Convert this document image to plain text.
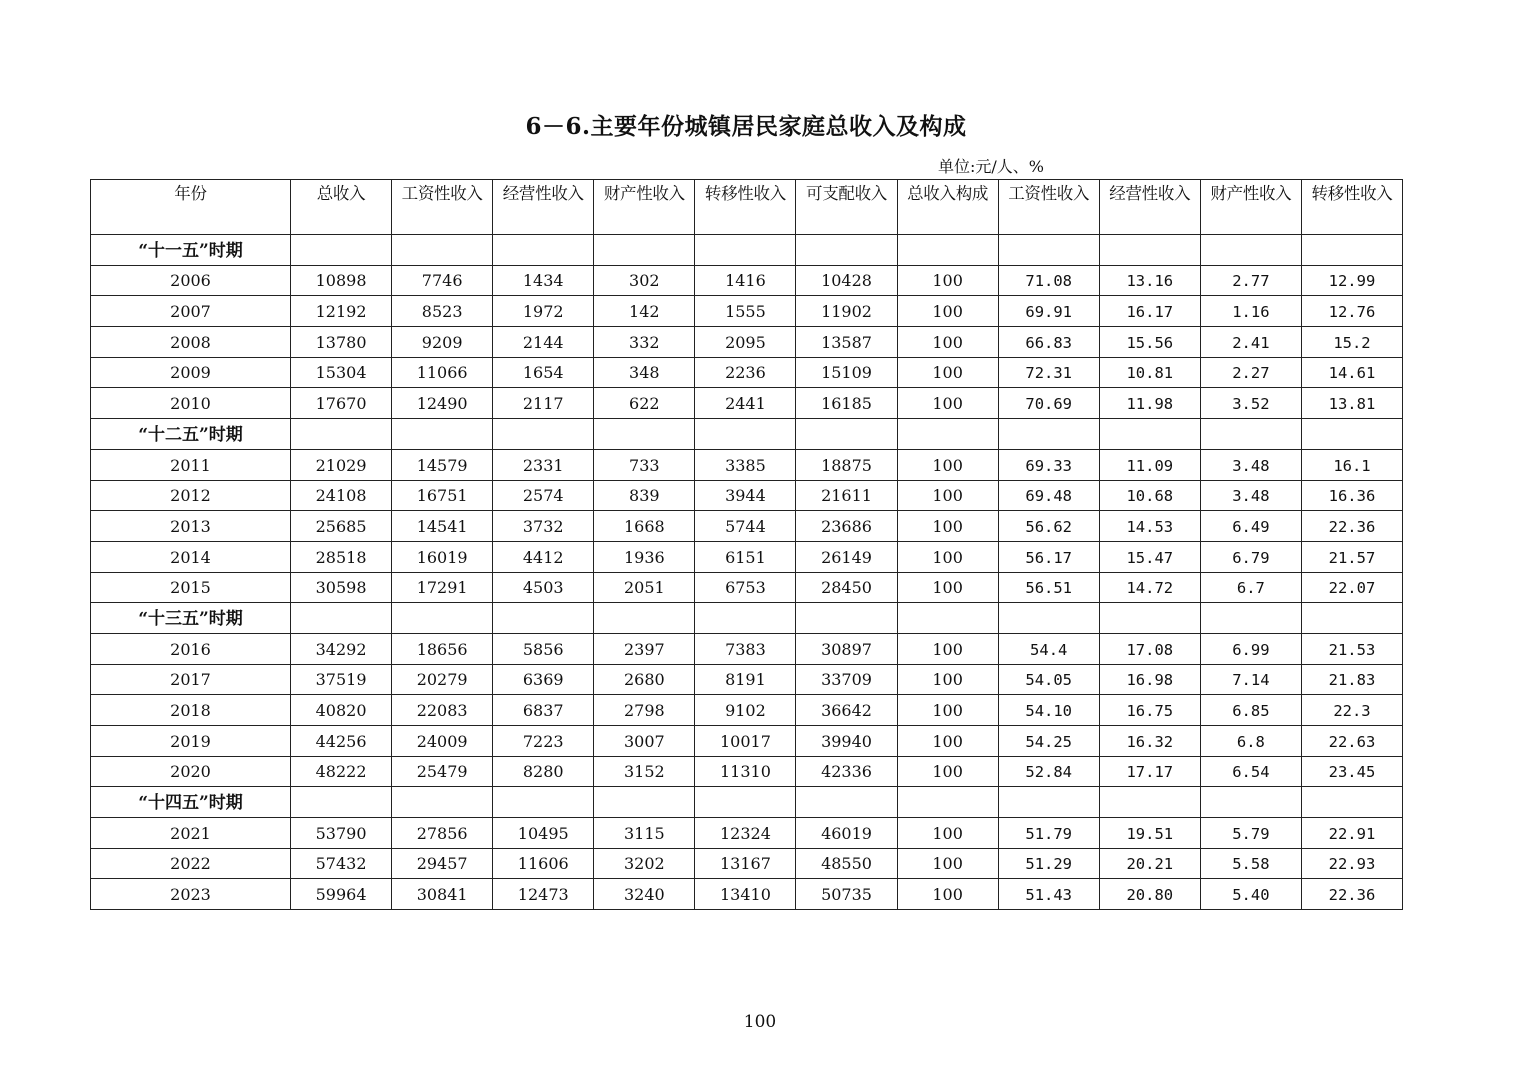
6－6.主要年份城镇居民家庭总收入及构成
单位:元/人、%
年份	总收入	工资性收入	经营性收入	财产性收入	转移性收入	可支配收入	总收入构成	工资性收入	经营性收入	财产性收入	转移性收入
“十一五”时期											
2006	10898	7746	1434	302	1416	10428	100	71.08	13.16	2.77	12.99
2007	12192	8523	1972	142	1555	11902	100	69.91	16.17	1.16	12.76
2008	13780	9209	2144	332	2095	13587	100	66.83	15.56	2.41	15.2
2009	15304	11066	1654	348	2236	15109	100	72.31	10.81	2.27	14.61
2010	17670	12490	2117	622	2441	16185	100	70.69	11.98	3.52	13.81
“十二五”时期											
2011	21029	14579	2331	733	3385	18875	100	69.33	11.09	3.48	16.1
2012	24108	16751	2574	839	3944	21611	100	69.48	10.68	3.48	16.36
2013	25685	14541	3732	1668	5744	23686	100	56.62	14.53	6.49	22.36
2014	28518	16019	4412	1936	6151	26149	100	56.17	15.47	6.79	21.57
2015	30598	17291	4503	2051	6753	28450	100	56.51	14.72	6.7	22.07
“十三五”时期											
2016	34292	18656	5856	2397	7383	30897	100	54.4	17.08	6.99	21.53
2017	37519	20279	6369	2680	8191	33709	100	54.05	16.98	7.14	21.83
2018	40820	22083	6837	2798	9102	36642	100	54.10	16.75	6.85	22.3
2019	44256	24009	7223	3007	10017	39940	100	54.25	16.32	6.8	22.63
2020	48222	25479	8280	3152	11310	42336	100	52.84	17.17	6.54	23.45
“十四五”时期											
2021	53790	27856	10495	3115	12324	46019	100	51.79	19.51	5.79	22.91
2022	57432	29457	11606	3202	13167	48550	100	51.29	20.21	5.58	22.93
2023	59964	30841	12473	3240	13410	50735	100	51.43	20.80	5.40	22.36
100
